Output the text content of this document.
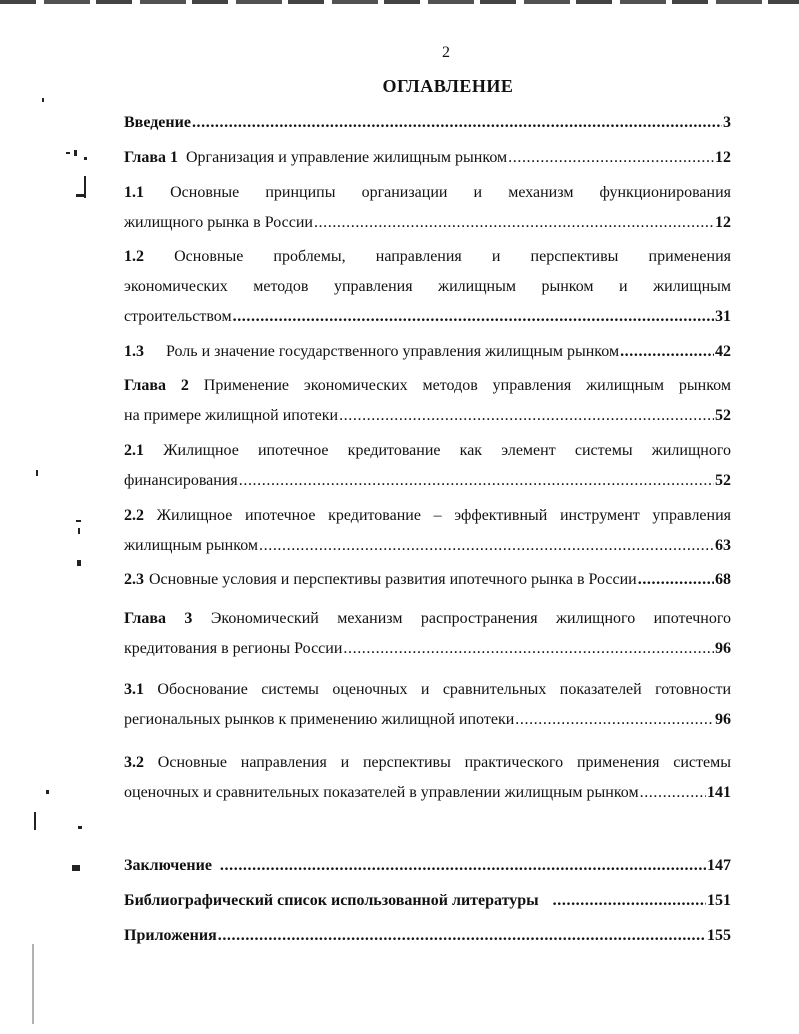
2
ОГЛАВЛЕНИЕ
Введение .....	3
Глава 1 Организация и управление жилищным рынком .....	12
1.1 Основные принципы организации и механизм функционирования
жилищного рынка в России .....	12
1.2 Основные проблемы, направления и перспективы применения
экономических методов управления жилищным рынком и жилищным
строительством .....	31
1.3 Роль и значение государственного управления жилищным рынком .....	42
Глава 2 Применение экономических методов управления жилищным рынком
на примере жилищной ипотеки .....	52
2.1 Жилищное ипотечное кредитование как элемент системы жилищного
финансирования .....	52
2.2 Жилищное ипотечное кредитование – эффективный инструмент управления
жилищным рынком .....	63
2.3 Основные условия и перспективы развития ипотечного рынка в России .....	68
Глава 3 Экономический механизм распространения жилищного ипотечного
кредитования в регионы России .....	96
3.1 Обоснование системы оценочных и сравнительных показателей готовности
региональных рынков к применению жилищной ипотеки .....	96
3.2 Основные направления и перспективы практического применения системы
оценочных и сравнительных показателей в управлении жилищным рынком .....	141
Заключение .....	147
Библиографический список использованной литературы .....	151
Приложения .....	155
